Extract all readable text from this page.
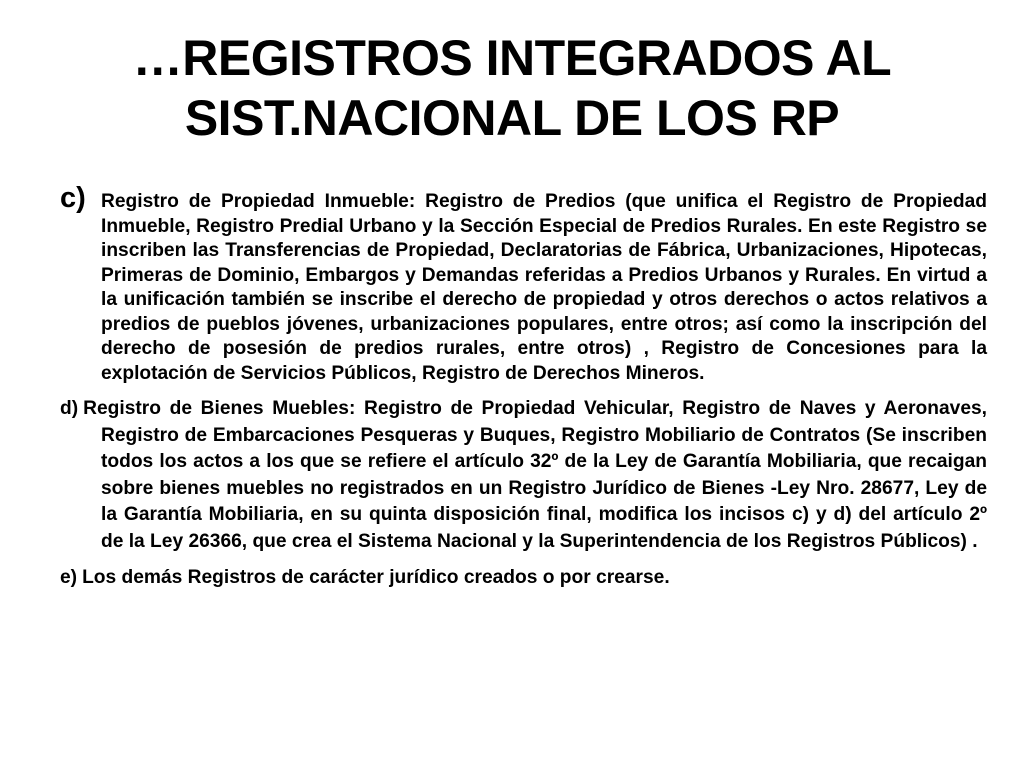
…REGISTROS INTEGRADOS AL
SIST.NACIONAL DE LOS RP

c) Registro de Propiedad Inmueble: Registro de Predios (que unifica el Registro de Propiedad Inmueble, Registro Predial Urbano y la Sección Especial de Predios Rurales. En este Registro se inscriben las Transferencias de Propiedad, Declaratorias de Fábrica, Urbanizaciones, Hipotecas, Primeras de Dominio, Embargos y Demandas referidas a Predios Urbanos y Rurales. En virtud a la unificación también se inscribe el derecho de propiedad y otros derechos o actos relativos a predios de pueblos jóvenes, urbanizaciones populares, entre otros; así como la inscripción del derecho de posesión de predios rurales, entre otros) , Registro de Concesiones para la explotación de Servicios Públicos, Registro de Derechos Mineros.

d) Registro de Bienes Muebles: Registro de Propiedad Vehicular, Registro de Naves y Aeronaves, Registro de Embarcaciones Pesqueras y Buques, Registro Mobiliario de Contratos (Se inscriben todos los actos a los que se refiere el artículo 32º de la Ley de Garantía Mobiliaria, que recaigan sobre bienes muebles no registrados en un Registro Jurídico de Bienes -Ley Nro. 28677, Ley de la Garantía Mobiliaria, en su quinta disposición final, modifica los incisos c) y d) del artículo 2º de la Ley 26366, que crea el Sistema Nacional y la Superintendencia de los Registros Públicos) .

e) Los demás Registros de carácter jurídico creados o por crearse.
